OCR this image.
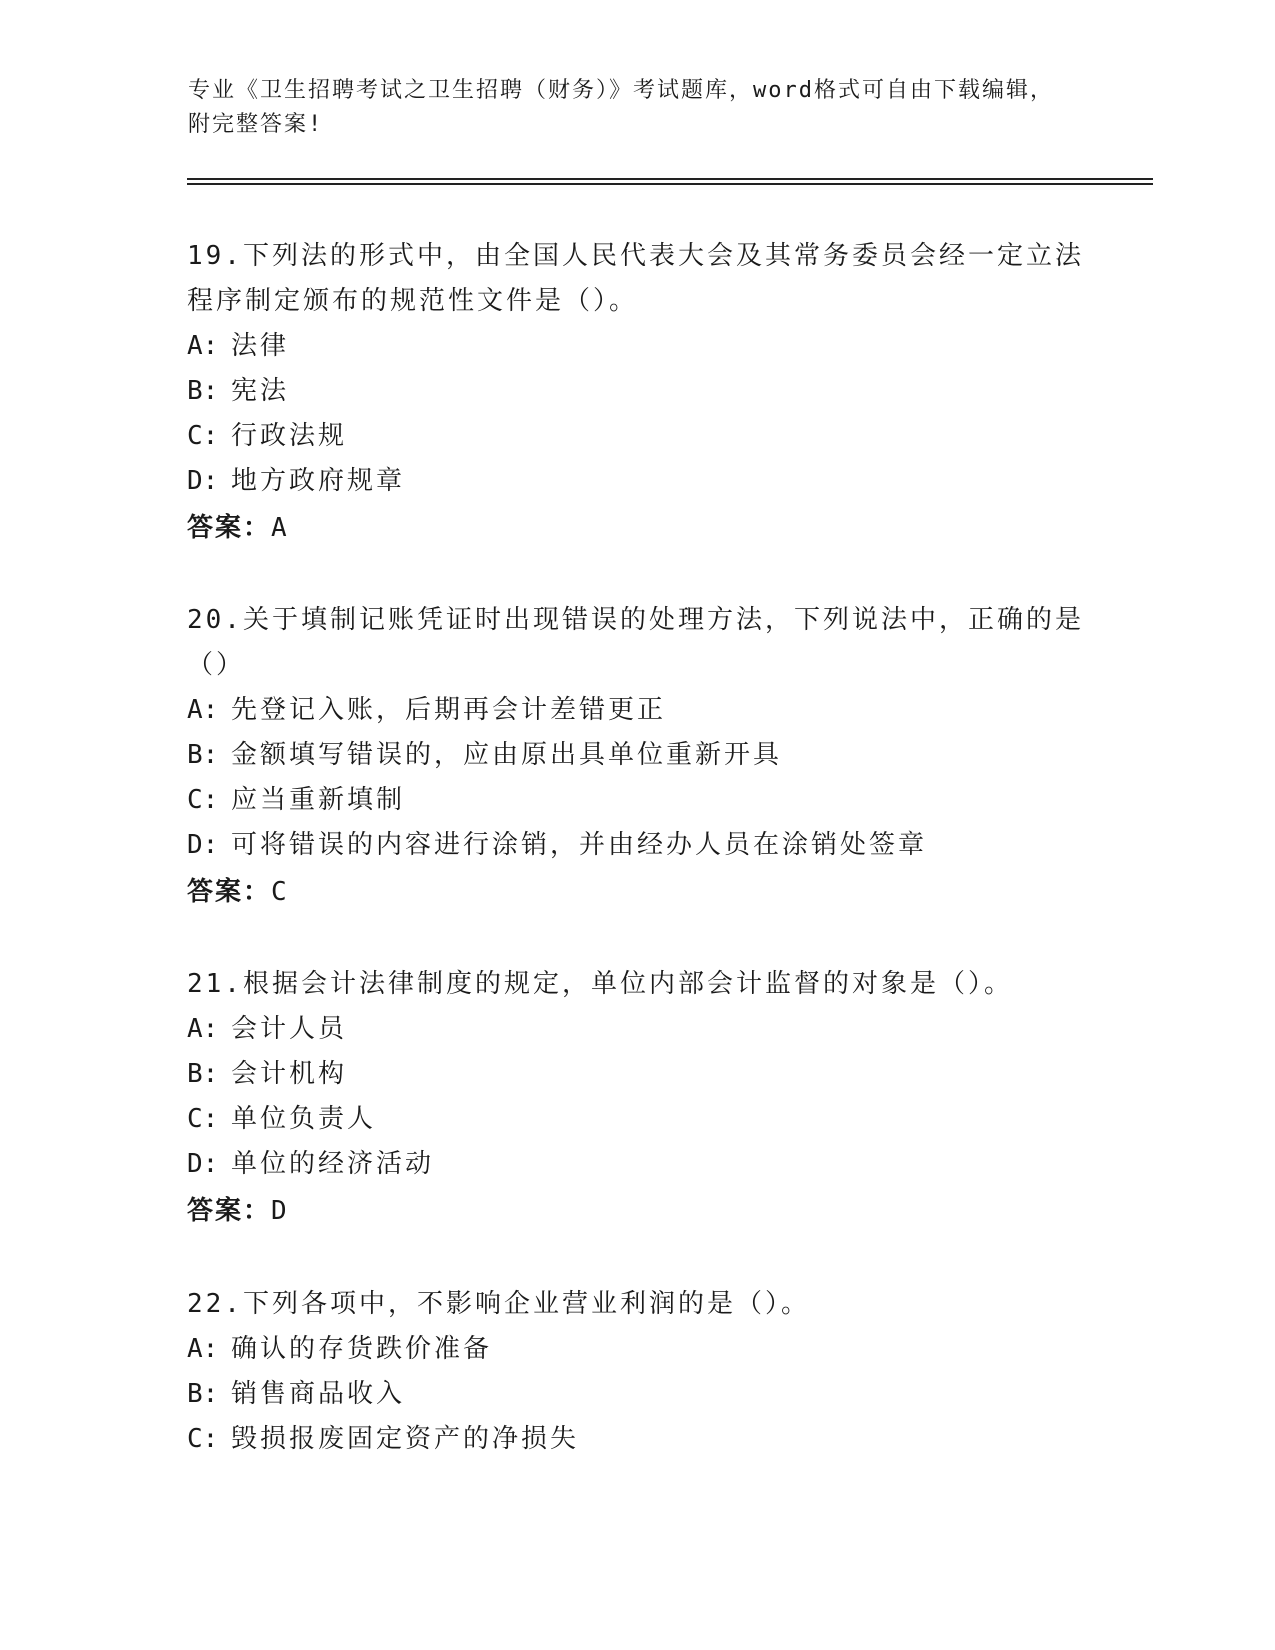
专业《卫生招聘考试之卫生招聘（财务）》考试题库，word格式可自由下载编辑，附完整答案!
19.下列法的形式中，由全国人民代表大会及其常务委员会经一定立法程序制定颁布的规范性文件是（）。
A: 法律
B: 宪法
C: 行政法规
D: 地方政府规章
答案：A
20.关于填制记账凭证时出现错误的处理方法，下列说法中，正确的是（）
A: 先登记入账，后期再会计差错更正
B: 金额填写错误的，应由原出具单位重新开具
C: 应当重新填制
D: 可将错误的内容进行涂销，并由经办人员在涂销处签章
答案：C
21.根据会计法律制度的规定，单位内部会计监督的对象是（）。
A: 会计人员
B: 会计机构
C: 单位负责人
D: 单位的经济活动
答案：D
22.下列各项中，不影响企业营业利润的是（）。
A: 确认的存货跌价准备
B: 销售商品收入
C: 毁损报废固定资产的净损失
